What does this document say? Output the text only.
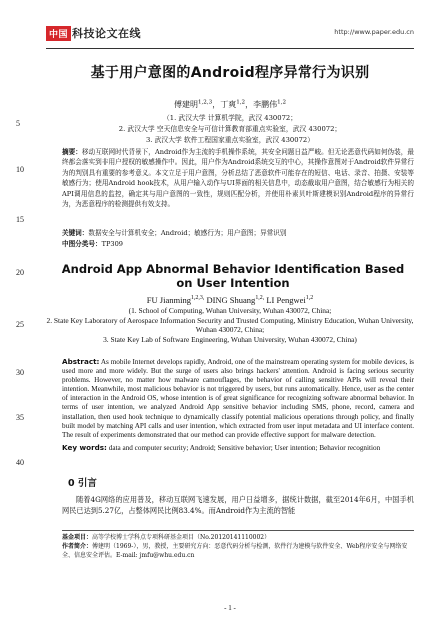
中国 科技论文在线	http://www.paper.edu.cn
基于用户意图的Android程序异常行为识别
傅建明$^{1,2,3}$，丁爽$^{1,2}$，李鹏伟$^{1,2}$
（1. 武汉大学 计算机学院，武汉 430072；
2. 武汉大学 空天信息安全与可信计算教育部重点实验室，武汉 430072；
3. 武汉大学 软件工程国家重点实验室，武汉 430072）
摘要：移动互联网时代背景下，Android作为主流的手机操作系统，其安全问题日益严峻。但无论恶意代码如何伪装，最终都会落实到非用户授权的敏感操作中。因此，用户作为Android系统交互的中心，其操作意图对于Android软件异常行为的判别具有重要的参考意义。本文立足于用户意图，分析总结了恶意软件可能存在的短信、电话、录音、拍摄、安装等敏感行为；使用Android hook技术，从用户输入动作与UI界面的相关信息中，动态截取用户意图，结合敏感行为相关的API调用信息的监控，确定其与用户意图的一致性，规则匹配分析，并使用朴素贝叶斯建模识别Android程序的异常行为，为恶意程序的检测提供有效支持。
关键词：数据安全与计算机安全；Android；敏感行为；用户意图；异常识别
中图分类号：TP309
5
10
15
20
25
30
35
40
Android App Abnormal Behavior Identification Based on User Intention
FU Jianming$^{1,2,3,}$ DING Shuang$^{1,2,}$ LI Pengwei$^{1,2}$
(1. School of Computing, Wuhan University, Wuhan 430072, China;
2. State Key Laboratory of Aerospace Information Security and Trusted Computing, Ministry Education, Wuhan University, Wuhan 430072, China;
3. State Key Lab of Software Engineering, Wuhan University, Wuhan 430072, China)
Abstract: As mobile Internet develops rapidly, Android, one of the mainstream operating system for mobile devices, is used more and more widely. But the surge of users also brings hackers' attention. Android is facing serious security problems. However, no matter how malware camouflages, the behavior of calling sensitive APIs will reveal their intention. Meanwhile, most malicious behavior is not triggered by users, but runs automatically. Hence, user as the center of interaction in the Android OS, whose intention is of great significance for recognizing software abnormal behavior. In terms of user intention, we analyzed Android App sensitive behavior including SMS, phone, record, camera and installation, then used hook technique to dynamically classify potential malicious operations through policy, and finally built model by matching API calls and user intention, which extracted from user input metadata and UI interface content. The result of experiments demonstrated that our method can provide effective support for malware detection.
Key words: data and computer security; Android; Sensitive behavior; User intention; Behavior recognition
0 引言
随着4G网络的应用普及，移动互联网飞速发展，用户日益增多，据统计数据，截至2014年6月，中国手机网民已达到5.27亿，占整体网民比例83.4%。而Android作为主流的智能
基金项目：高等学校博士学科点专项科研基金项目（No.20120141110002）
作者简介：傅建明（1969-），男，教授，主要研究方向：恶意代码分析与检测，软件行为建模与软件安全、Web程序安全与网络安全、信息安全评估。E-mail: jmfu@whu.edu.cn
- 1 -
